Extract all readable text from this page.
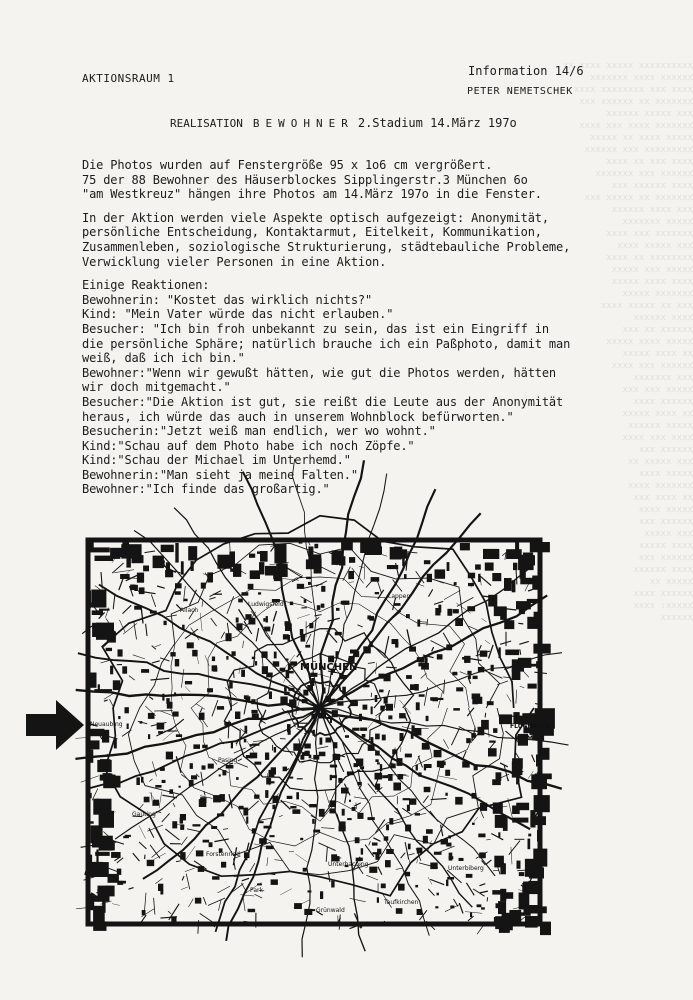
xxxxxxxxxx xxxxx xxxx xx
xxxxxx xxxx xxxxxxx
xxxx xxx xxxxxxxx xxxx
xxxxxxx xx xxxxxx xxx
xxx xxxxx xxxxxx
xxxxxxx xxxx xxx xxxx
xxxxx xxxx xx xxxxx
xxxxxxxxx xxx xxxxxx
xxxx xxx xx xxxx
xxxxxx xxx xxxxxxx
xxxx xxxxxx xxx
xxxxxxx xx xxxxx xxx
xxx xxxx xxxxxx
xxxxx xxxxxxx
xxxxxxx xxx xxxx
xxx xxxxx xxxx
xxxxxxxx xx xxxx
xxxxx xxx xxxxx
xxxx xxxx xxxxx
xxxxxxx xxxxx
xxx xx xxxxx xxxx
xxxx xxxxxx
xxxxxx xx xxx
xxxxx xxxx xxxxx
xx xxxx xxxxx
xxxxxx xxx xxxx
xxx xxxxxxx
xxxxx xxx xxx
xxxxxx xxxx
xx xxxx xxxxx
xxxxx xxxxxx
xxxx xxx xxxx
xxxxxx xxx
xxx xxxxx xx
xxxxx xxxx
xxxxxxx xxxx
xx xxxx xxx
xxxxx xxxx
xxxxxx xxx
xxx xxxxx
xxxx xxxxx
xxxxxx xxx
xxxx xxxxxx
xxxxx xx
xxxxxx xxxx
xxxxx: xxxx
xxxxxx
AKTIONSRAUM 1
Information 14/6
PETER NEMETSCHEK
REALISATION BEWOHNER 2.Stadium 14.März 197o

Die Photos wurden auf Fenstergröße 95 x 1o6 cm vergrößert.

75 der 88 Bewohner des Häuserblockes Sipplingerstr.3 München 6o

"am Westkreuz" hängen ihre Photos am 14.März 197o in die Fenster.

In der Aktion werden viele Aspekte optisch aufgezeigt: Anonymität,

persönliche Entscheidung, Kontaktarmut, Eitelkeit, Kommunikation,

Zusammenleben, soziologische Strukturierung, städtebauliche Probleme,

Verwicklung vieler Personen in eine Aktion.

Einige Reaktionen:

Bewohnerin: "Kostet das wirklich nichts?"

Kind: "Mein Vater würde das nicht erlauben."

Besucher: "Ich bin froh unbekannt zu sein, das ist ein Eingriff in

die persönliche Sphäre; natürlich brauche ich ein Paßphoto, damit man

weiß, daß ich ich bin."

Bewohner:"Wenn wir gewußt hätten, wie gut die Photos werden, hätten

wir doch mitgemacht."

Besucher:"Die Aktion ist gut, sie reißt die Leute aus der Anonymität

heraus, ich würde das auch in unserem Wohnblock befürworten."

Besucherin:"Jetzt weiß man endlich, wer wo wohnt."

Kind:"Schau auf dem Photo habe ich noch Zöpfe."

Kind:"Schau der Michael im Unterhemd."

Bewohnerin:"Man sieht ja meine Falten."

Bewohner:"Ich finde das großartig."

Ludwigsfeld
Allach
Neuaubing
Pasing
Gauting
Forstenried
Park
Unterhaching
Grünwald
Taufkirchen
Unterbiberg
Lappen
MÜNCHEN
FLUGHAFEN
RIEM
